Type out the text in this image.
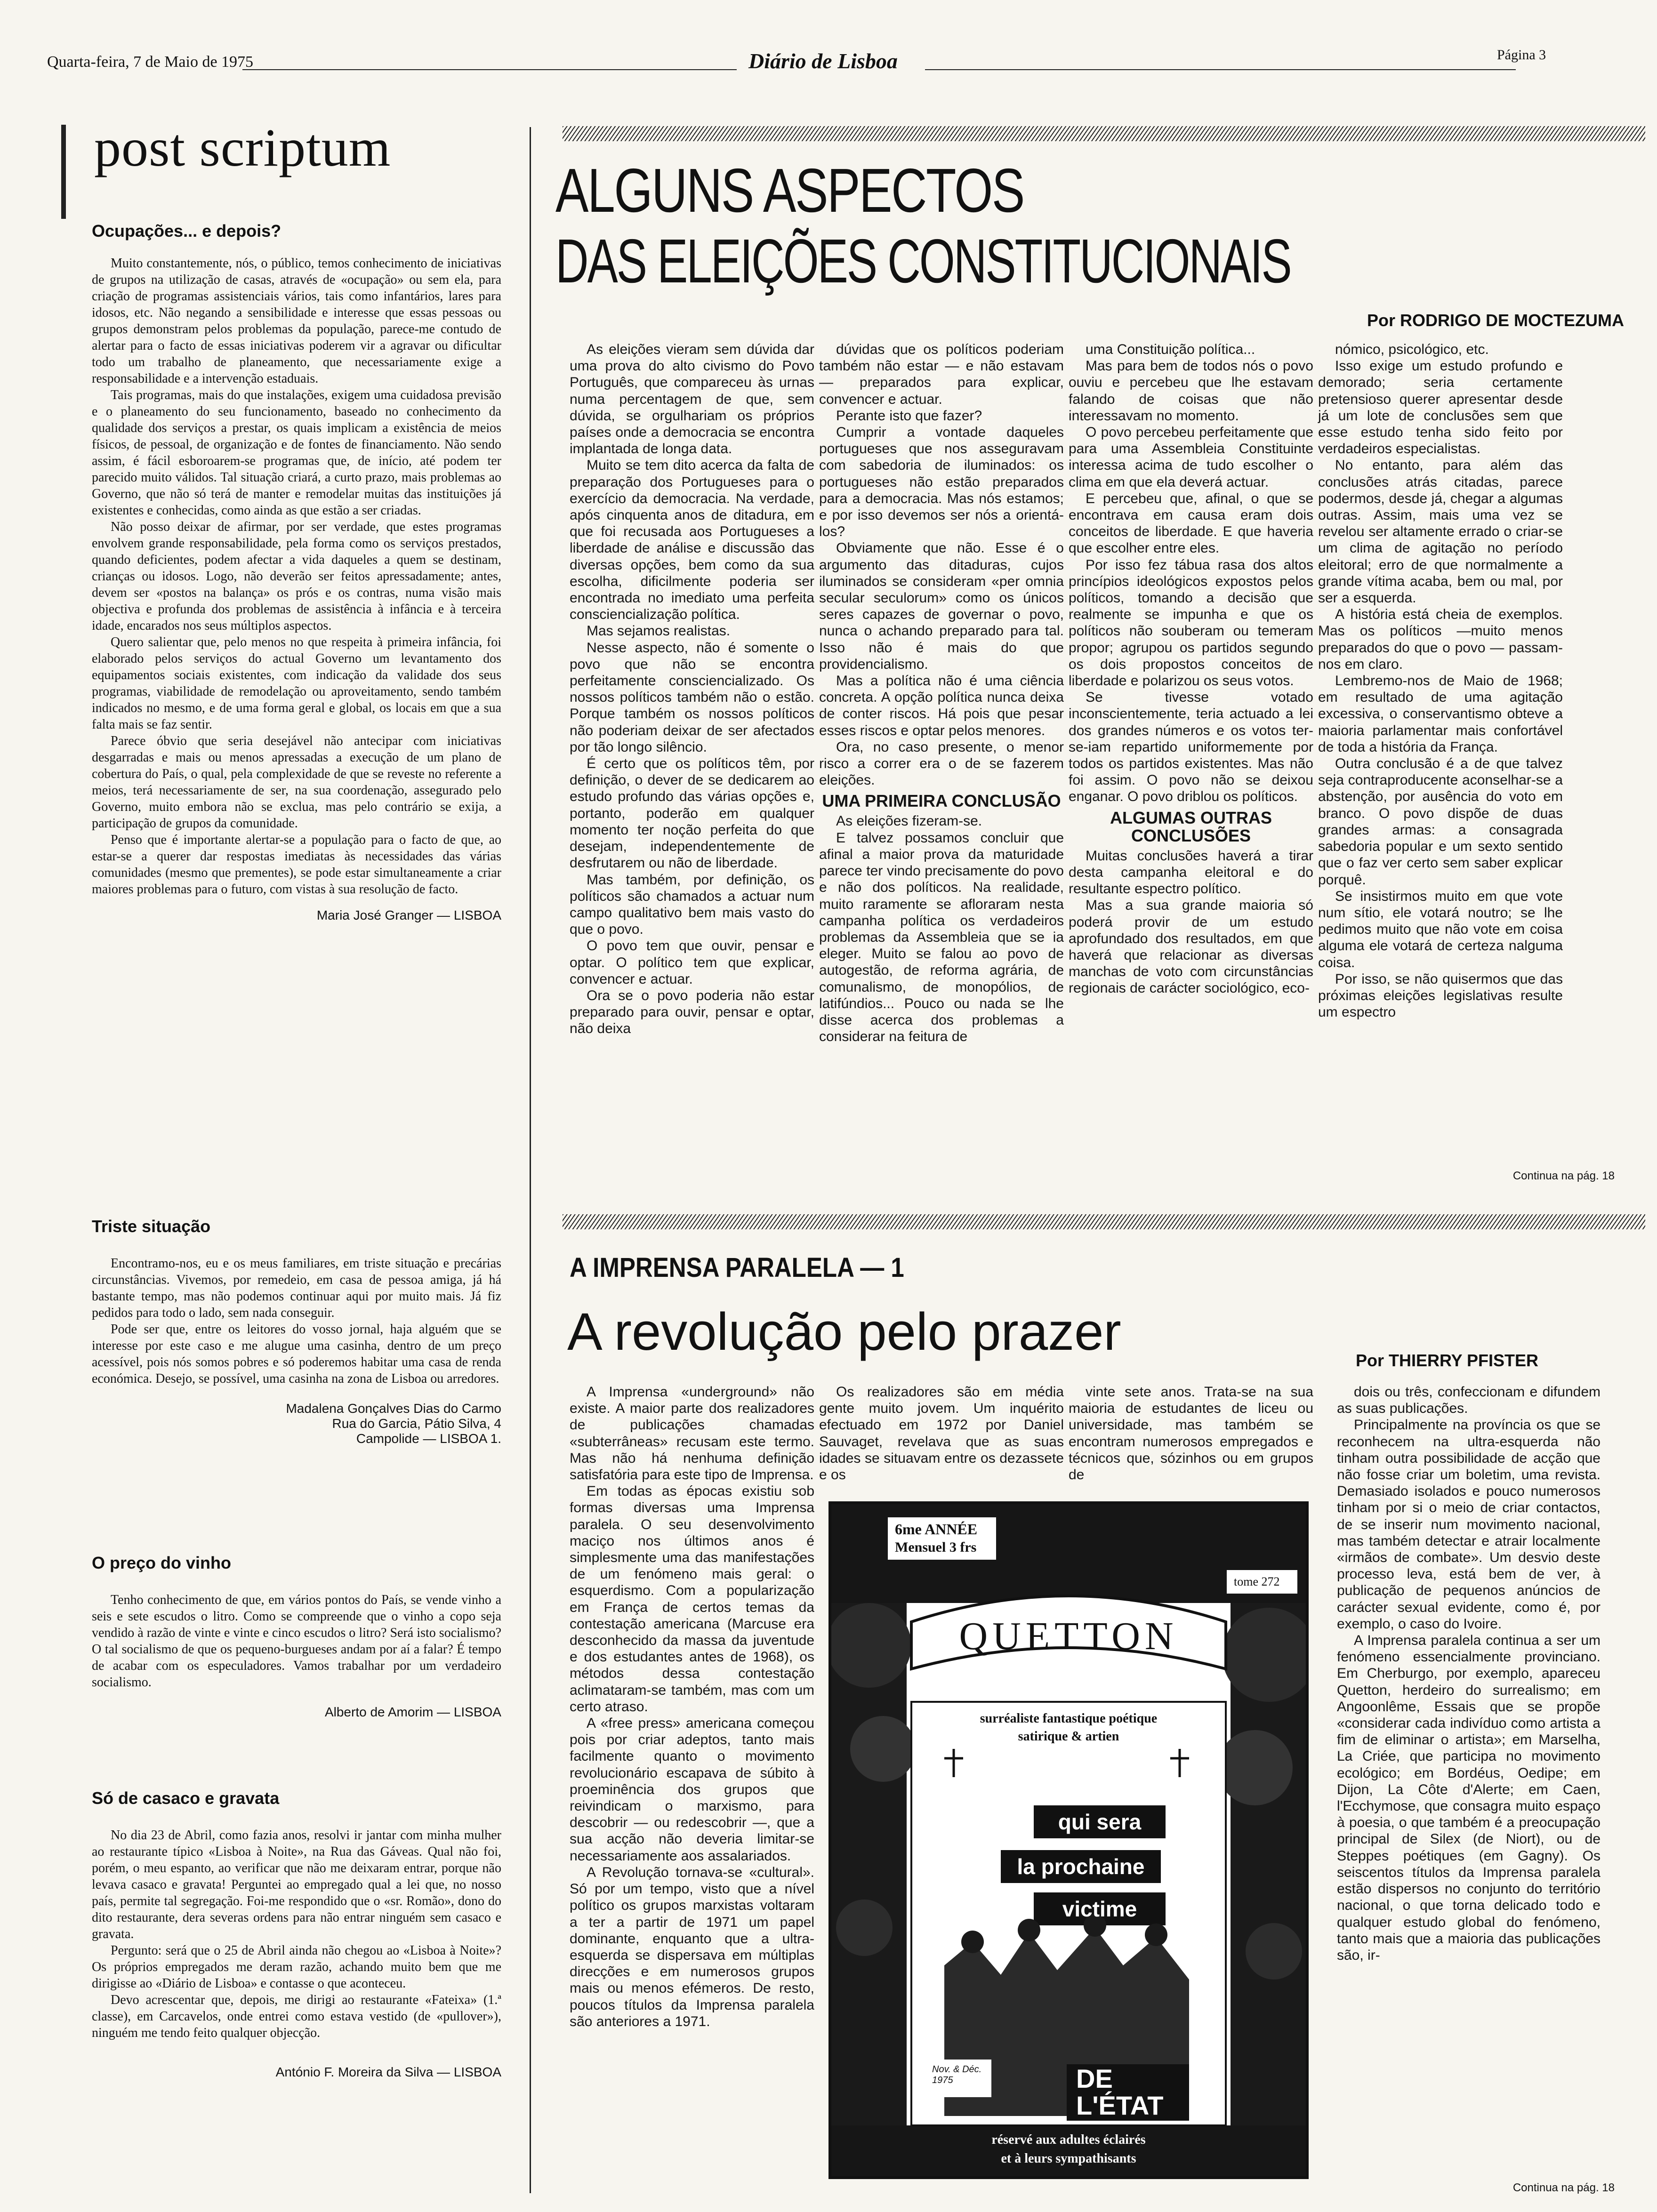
Quarta-feira, 7 de Maio de 1975	Diário de Lisboa	Página 3
post scriptum

Ocupações... e depois?

Muito constantemente, nós, o público, temos conhecimento de iniciativas de grupos na utilização de casas, através de «ocupação» ou sem ela, para criação de programas assistenciais vários, tais como infantários, lares para idosos, etc. Não negando a sensibilidade e interesse que essas pessoas ou grupos demonstram pelos problemas da população, parece-me contudo de alertar para o facto de essas iniciativas poderem vir a agravar ou dificultar todo um trabalho de planeamento, que necessariamente exige a responsabilidade e a intervenção estaduais.

Tais programas, mais do que instalações, exigem uma cuidadosa previsão e o planeamento do seu funcionamento, baseado no conhecimento da qualidade dos serviços a prestar, os quais implicam a existência de meios físicos, de pessoal, de organização e de fontes de financiamento. Não sendo assim, é fácil esboroarem-se programas que, de início, até podem ter parecido muito válidos. Tal situação criará, a curto prazo, mais problemas ao Governo, que não só terá de manter e remodelar muitas das instituições já existentes e conhecidas, como ainda as que estão a ser criadas.

Não posso deixar de afirmar, por ser verdade, que estes programas envolvem grande responsabilidade, pela forma como os serviços prestados, quando deficientes, podem afectar a vida daqueles a quem se destinam, crianças ou idosos. Logo, não deverão ser feitos apressadamente; antes, devem ser «postos na balança» os prós e os contras, numa visão mais objectiva e profunda dos problemas de assistência à infância e à terceira idade, encarados nos seus múltiplos aspectos.

Quero salientar que, pelo menos no que respeita à primeira infância, foi elaborado pelos serviços do actual Governo um levantamento dos equipamentos sociais existentes, com indicação da validade dos seus programas, viabilidade de remodelação ou aproveitamento, sendo também indicados no mesmo, e de uma forma geral e global, os locais em que a sua falta mais se faz sentir.

Parece óbvio que seria desejável não antecipar com iniciativas desgarradas e mais ou menos apressadas a execução de um plano de cobertura do País, o qual, pela complexidade de que se reveste no referente a meios, terá necessariamente de ser, na sua coordenação, assegurado pelo Governo, muito embora não se exclua, mas pelo contrário se exija, a participação de grupos da comunidade.

Penso que é importante alertar-se a população para o facto de que, ao estar-se a querer dar respostas imediatas às necessidades das várias comunidades (mesmo que prementes), se pode estar simultaneamente a criar maiores problemas para o futuro, com vistas à sua resolução de facto.

Maria José Granger — LISBOA

Triste situação

Encontramo-nos, eu e os meus familiares, em triste situação e precárias circunstâncias. Vivemos, por remedeio, em casa de pessoa amiga, já há bastante tempo, mas não podemos continuar aqui por muito mais. Já fiz pedidos para todo o lado, sem nada conseguir.

Pode ser que, entre os leitores do vosso jornal, haja alguém que se interesse por este caso e me alugue uma casinha, dentro de um preço acessível, pois nós somos pobres e só poderemos habitar uma casa de renda económica. Desejo, se possível, uma casinha na zona de Lisboa ou arredores.

Madalena Gonçalves Dias do Carmo

Rua do Garcia, Pátio Silva, 4

Campolide — LISBOA 1.

O preço do vinho

Tenho conhecimento de que, em vários pontos do País, se vende vinho a seis e sete escudos o litro. Como se compreende que o vinho a copo seja vendido à razão de vinte e vinte e cinco escudos o litro? Será isto socialismo? O tal socialismo de que os pequeno-burgueses andam por aí a falar? É tempo de acabar com os especuladores. Vamos trabalhar por um verdadeiro socialismo.

Alberto de Amorim — LISBOA

Só de casaco e gravata

No dia 23 de Abril, como fazia anos, resolvi ir jantar com minha mulher ao restaurante típico «Lisboa à Noite», na Rua das Gáveas. Qual não foi, porém, o meu espanto, ao verificar que não me deixaram entrar, porque não levava casaco e gravata! Perguntei ao empregado qual a lei que, no nosso país, permite tal segregação. Foi-me respondido que o «sr. Romão», dono do dito restaurante, dera severas ordens para não entrar ninguém sem casaco e gravata.

Pergunto: será que o 25 de Abril ainda não chegou ao «Lisboa à Noite»? Os próprios empregados me deram razão, achando muito bem que me dirigisse ao «Diário de Lisboa» e contasse o que aconteceu.

Devo acrescentar que, depois, me dirigi ao restaurante «Fateixa» (1.ª classe), em Carcavelos, onde entrei como estava vestido (de «pullover»), ninguém me tendo feito qualquer objecção.

António F. Moreira da Silva — LISBOA

ALGUNS ASPECTOS
DAS ELEIÇÕES CONSTITUCIONAIS
Por RODRIGO DE MOCTEZUMA

As eleições vieram sem dúvida dar uma prova do alto civismo do Povo Português, que compareceu às urnas numa percentagem de que, sem dúvida, se orgulhariam os próprios países onde a democracia se encontra implantada de longa data.

Muito se tem dito acerca da falta de preparação dos Portugueses para o exercício da democracia. Na verdade, após cinquenta anos de ditadura, em que foi recusada aos Portugueses a liberdade de análise e discussão das diversas opções, bem como da sua escolha, dificilmente poderia ser encontrada no imediato uma perfeita consciencialização política.

Mas sejamos realistas.

Nesse aspecto, não é somente o povo que não se encontra perfeitamente consciencializado. Os nossos políticos também não o estão. Porque também os nossos políticos não poderiam deixar de ser afectados por tão longo silêncio.

É certo que os políticos têm, por definição, o dever de se dedicarem ao estudo profundo das várias opções e, portanto, poderão em qualquer momento ter noção perfeita do que desejam, independentemente de desfrutarem ou não de liberdade.

Mas também, por definição, os políticos são chamados a actuar num campo qualitativo bem mais vasto do que o povo.

O povo tem que ouvir, pensar e optar. O político tem que explicar, convencer e actuar.

Ora se o povo poderia não estar preparado para ouvir, pensar e optar, não deixa

dúvidas que os políticos poderiam também não estar — e não estavam — preparados para explicar, convencer e actuar.

Perante isto que fazer?

Cumprir a vontade daqueles portugueses que nos asseguravam com sabedoria de iluminados: os portugueses não estão preparados para a democracia. Mas nós estamos; e por isso devemos ser nós a orientá-los?

Obviamente que não. Esse é o argumento das ditaduras, cujos iluminados se consideram «per omnia secular seculorum» como os únicos seres capazes de governar o povo, nunca o achando preparado para tal. Isso não é mais do que providencialismo.

Mas a política não é uma ciência concreta. A opção política nunca deixa de conter riscos. Há pois que pesar esses riscos e optar pelos menores.

Ora, no caso presente, o menor risco a correr era o de se fazerem eleições.

UMA PRIMEIRA CONCLUSÃO

As eleições fizeram-se.

E talvez possamos concluir que afinal a maior prova da maturidade parece ter vindo precisamente do povo e não dos políticos. Na realidade, muito raramente se afloraram nesta campanha política os verdadeiros problemas da Assembleia que se ia eleger. Muito se falou ao povo de autogestão, de reforma agrária, de comunalismo, de monopólios, de latifúndios... Pouco ou nada se lhe disse acerca dos problemas a considerar na feitura de

uma Constituição política...

Mas para bem de todos nós o povo ouviu e percebeu que lhe estavam falando de coisas que não interessavam no momento.

O povo percebeu perfeitamente que para uma Assembleia Constituinte interessa acima de tudo escolher o clima em que ela deverá actuar.

E percebeu que, afinal, o que se encontrava em causa eram dois conceitos de liberdade. E que haveria que escolher entre eles.

Por isso fez tábua rasa dos altos princípios ideológicos expostos pelos políticos, tomando a decisão que realmente se impunha e que os políticos não souberam ou temeram propor; agrupou os partidos segundo os dois propostos conceitos de liberdade e polarizou os seus votos.

Se tivesse votado inconscientemente, teria actuado a lei dos grandes números e os votos ter-se-iam repartido uniformemente por todos os partidos existentes. Mas não foi assim. O povo não se deixou enganar. O povo driblou os políticos.

ALGUMAS OUTRAS CONCLUSÕES

Muitas conclusões haverá a tirar desta campanha eleitoral e do resultante espectro político.

Mas a sua grande maioria só poderá provir de um estudo aprofundado dos resultados, em que haverá que relacionar as diversas manchas de voto com circunstâncias regionais de carácter sociológico, eco-

nómico, psicológico, etc.

Isso exige um estudo profundo e demorado; seria certamente pretensioso querer apresentar desde já um lote de conclusões sem que esse estudo tenha sido feito por verdadeiros especialistas.

No entanto, para além das conclusões atrás citadas, parece podermos, desde já, chegar a algumas outras. Assim, mais uma vez se revelou ser altamente errado o criar-se um clima de agitação no período eleitoral; erro de que normalmente a grande vítima acaba, bem ou mal, por ser a esquerda.

A história está cheia de exemplos. Mas os políticos —muito menos preparados do que o povo — passam-nos em claro.

Lembremo-nos de Maio de 1968; em resultado de uma agitação excessiva, o conservantismo obteve a maioria parlamentar mais confortável de toda a história da França.

Outra conclusão é a de que talvez seja contraproducente aconselhar-se a abstenção, por ausência do voto em branco. O povo dispõe de duas grandes armas: a consagrada sabedoria popular e um sexto sentido que o faz ver certo sem saber explicar porquê.

Se insistirmos muito em que vote num sítio, ele votará noutro; se lhe pedimos muito que não vote em coisa alguma ele votará de certeza nalguma coisa.

Por isso, se não quisermos que das próximas eleições legislativas resulte um espectro

Continua na pág. 18
A IMPRENSA PARALELA — 1
A revolução pelo prazer	Por THIERRY PFISTER

A Imprensa «underground» não existe. A maior parte dos realizadores de publicações chamadas «subterrâneas» recusam este termo. Mas não há nenhuma definição satisfatória para este tipo de Imprensa.

Em todas as épocas existiu sob formas diversas uma Imprensa paralela. O seu desenvolvimento maciço nos últimos anos é simplesmente uma das manifestações de um fenómeno mais geral: o esquerdismo. Com a popularização em França de certos temas da contestação americana (Marcuse era desconhecido da massa da juventude e dos estudantes antes de 1968), os métodos dessa contestação aclimataram-se também, mas com um certo atraso.

A «free press» americana começou pois por criar adeptos, tanto mais facilmente quanto o movimento revolucionário escapava de súbito à proeminência dos grupos que reivindicam o marxismo, para descobrir — ou redescobrir —, que a sua acção não deveria limitar-se necessariamente aos assalariados.

A Revolução tornava-se «cultural». Só por um tempo, visto que a nível político os grupos marxistas voltaram a ter a partir de 1971 um papel dominante, enquanto que a ultra-esquerda se dispersava em múltiplas direcções e em numerosos grupos mais ou menos efémeros. De resto, poucos títulos da Imprensa paralela são anteriores a 1971.

Os realizadores são em média gente muito jovem. Um inquérito efectuado em 1972 por Daniel Sauvaget, revelava que as suas idades se situavam entre os dezassete e os

vinte sete anos. Trata-se na sua maioria de estudantes de liceu ou universidade, mas também se encontram numerosos empregados e técnicos que, sózinhos ou em grupos de

dois ou três, confeccionam e difundem as suas publicações.

Principalmente na província os que se reconhecem na ultra-esquerda não tinham outra possibilidade de acção que não fosse criar um boletim, uma revista. Demasiado isolados e pouco numerosos tinham por si o meio de criar contactos, de se inserir num movimento nacional, mas também detectar e atrair localmente «irmãos de combate». Um desvio deste processo leva, está bem de ver, à publicação de pequenos anúncios de carácter sexual evidente, como é, por exemplo, o caso do Ivoire.

A Imprensa paralela continua a ser um fenómeno essencialmente provinciano. Em Cherburgo, por exemplo, apareceu Quetton, herdeiro do surrealismo; em Angoonlême, Essais que se propõe «considerar cada indivíduo como artista a fim de eliminar o artista»; em Marselha, La Criée, que participa no movimento ecológico; em Bordéus, Oedipe; em Dijon, La Côte d'Alerte; em Caen, l'Ecchymose, que consagra muito espaço à poesia, o que também é a preocupação principal de Silex (de Niort), ou de Steppes poétiques (em Gagny). Os seiscentos títulos da Imprensa paralela estão dispersos no conjunto do território nacional, o que torna delicado todo e qualquer estudo global do fenómeno, tanto mais que a maioria das publicações são, ir-

Continua na pág. 18
6me ANNÉE
Mensuel 3 frs
tome 272
QUETTON
surréaliste fantastique poétique
satirique & artien
qui sera
la prochaine
victime
Nov. & Déc. 1975	DE
L'ÉTAT
réservé aux adultes éclairés
et à leurs sympathisants
